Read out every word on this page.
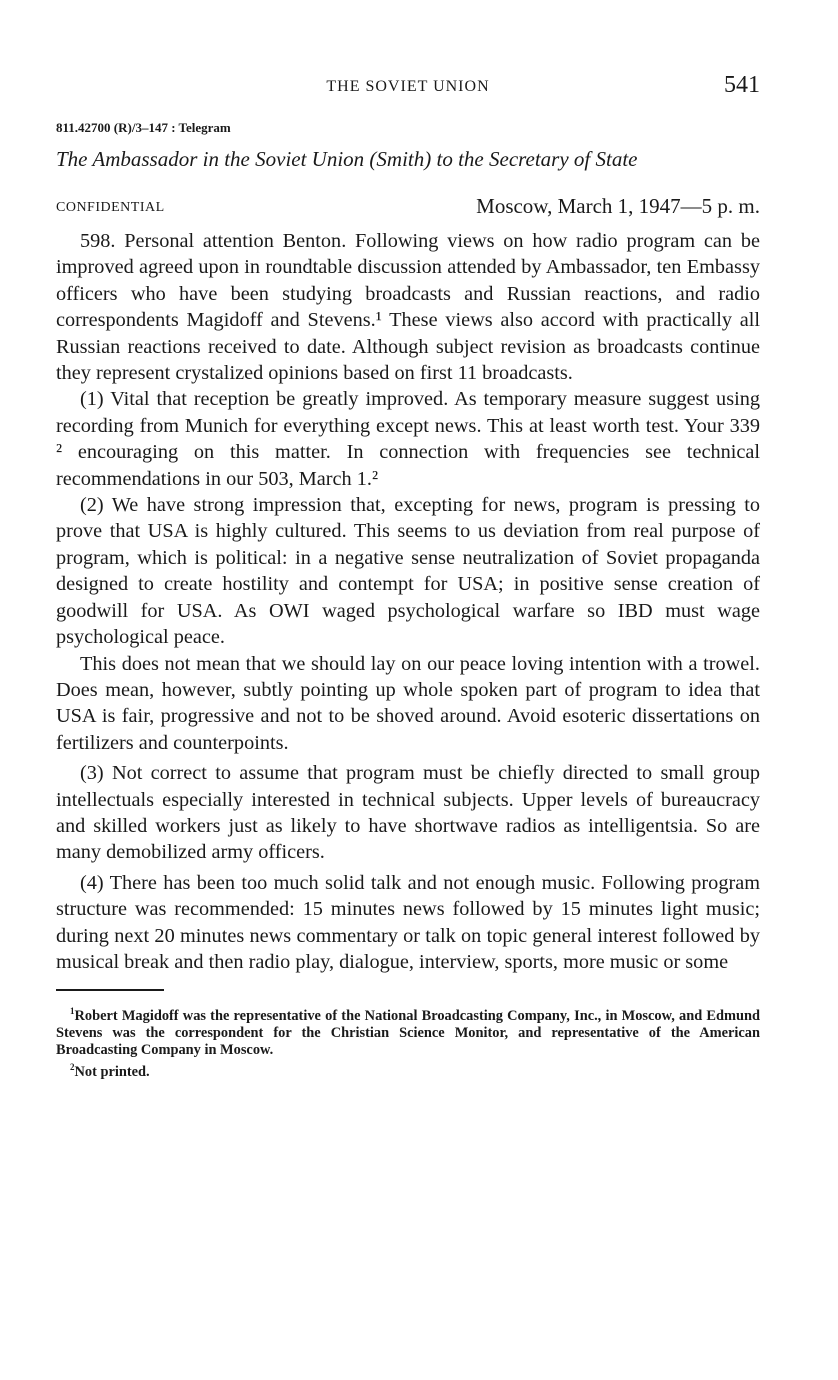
THE SOVIET UNION	541
811.42700 (R)/3–147 : Telegram
The Ambassador in the Soviet Union (Smith) to the Secretary of State
CONFIDENTIAL	Moscow, March 1, 1947—5 p. m.

598. Personal attention Benton. Following views on how radio program can be improved agreed upon in roundtable discussion attended by Ambassador, ten Embassy officers who have been studying broadcasts and Russian reactions, and radio correspondents Magidoff and Stevens.¹ These views also accord with practically all Russian reactions received to date. Although subject revision as broadcasts continue they represent crystalized opinions based on first 11 broadcasts.

(1) Vital that reception be greatly improved. As temporary measure suggest using recording from Munich for everything except news. This at least worth test. Your 339 ² encouraging on this matter. In connection with frequencies see technical recommendations in our 503, March 1.²

(2) We have strong impression that, excepting for news, program is pressing to prove that USA is highly cultured. This seems to us deviation from real purpose of program, which is political: in a negative sense neutralization of Soviet propaganda designed to create hostility and contempt for USA; in positive sense creation of goodwill for USA. As OWI waged psychological warfare so IBD must wage psychological peace.

This does not mean that we should lay on our peace loving intention with a trowel. Does mean, however, subtly pointing up whole spoken part of program to idea that USA is fair, progressive and not to be shoved around. Avoid esoteric dissertations on fertilizers and counterpoints.

(3) Not correct to assume that program must be chiefly directed to small group intellectuals especially interested in technical subjects. Upper levels of bureaucracy and skilled workers just as likely to have shortwave radios as intelligentsia. So are many demobilized army officers.

(4) There has been too much solid talk and not enough music. Following program structure was recommended: 15 minutes news followed by 15 minutes light music; during next 20 minutes news commentary or talk on topic general interest followed by musical break and then radio play, dialogue, interview, sports, more music or some

$^1$Robert Magidoff was the representative of the National Broadcasting Company, Inc., in Moscow, and Edmund Stevens was the correspondent for the Christian Science Monitor, and representative of the American Broadcasting Company in Moscow.

$^2$Not printed.
